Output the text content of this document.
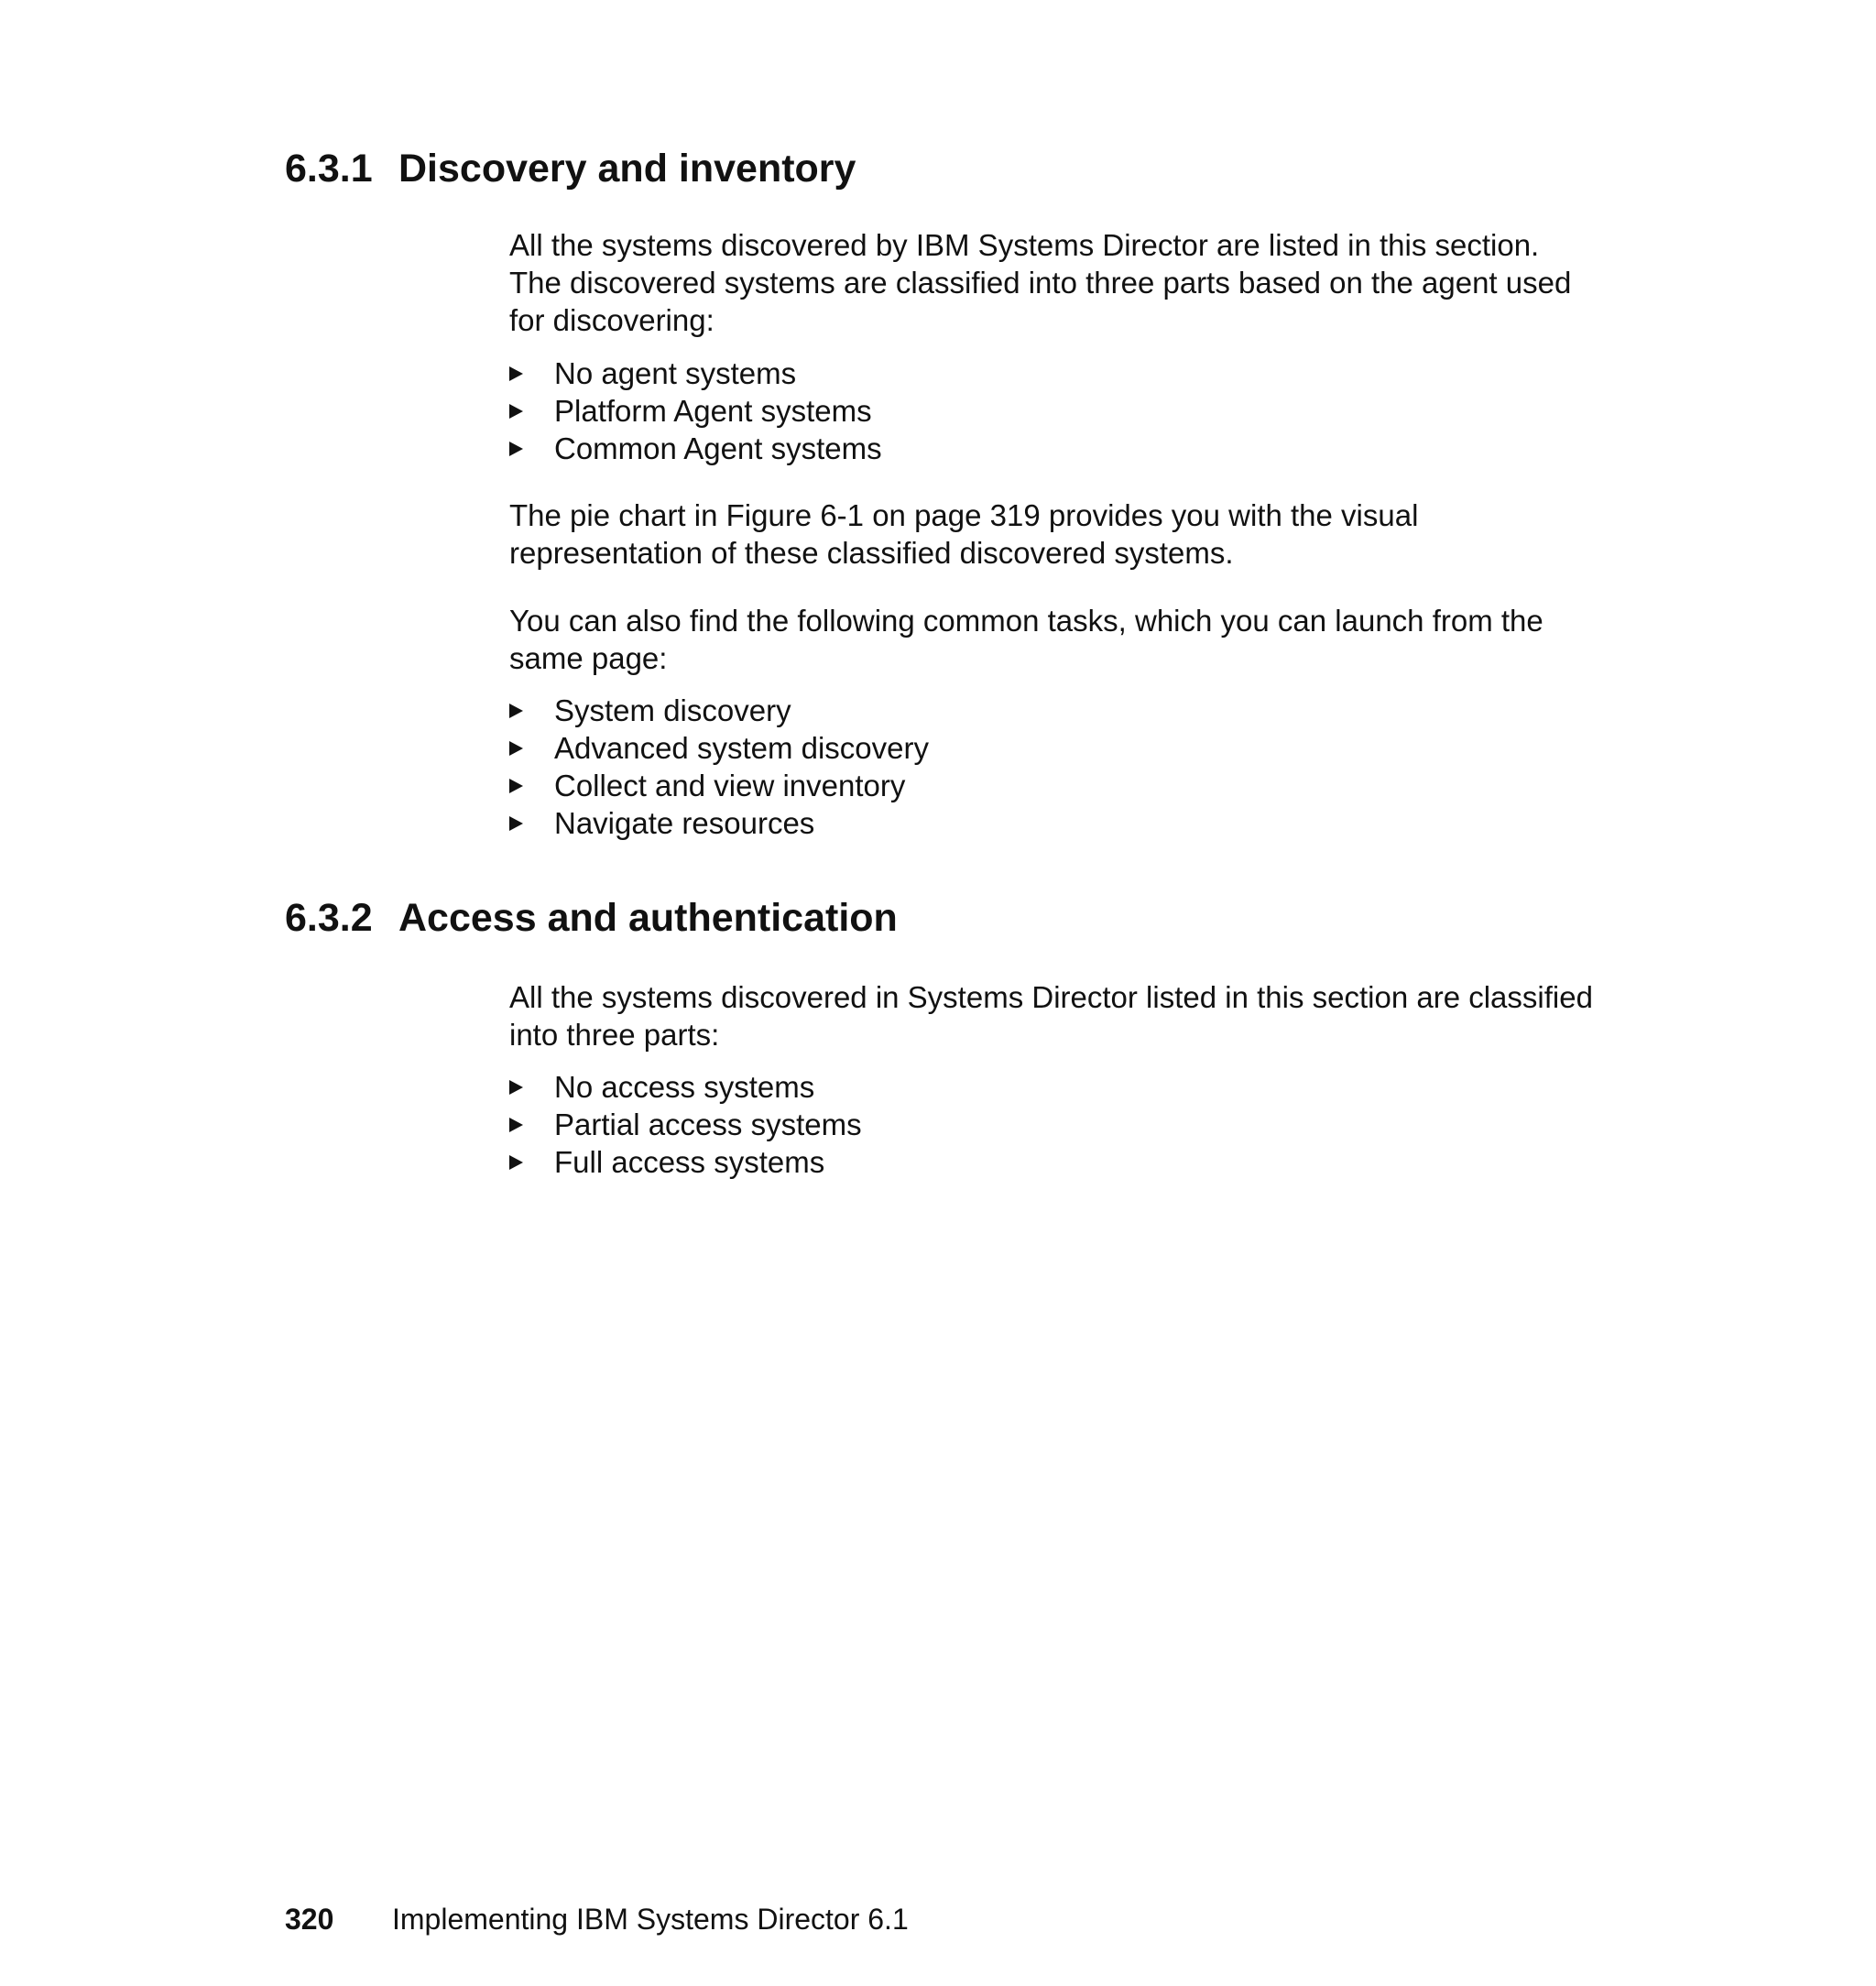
6.3.1 Discovery and inventory

All the systems discovered by IBM Systems Director are listed in this section.

The discovered systems are classified into three parts based on the agent used

for discovering:

No agent systems
Platform Agent systems
Common Agent systems

The pie chart in Figure 6-1 on page 319 provides you with the visual

representation of these classified discovered systems.

You can also find the following common tasks, which you can launch from the

same page:

System discovery
Advanced system discovery
Collect and view inventory
Navigate resources
6.3.2 Access and authentication

All the systems discovered in Systems Director listed in this section are classified

into three parts:

No access systems
Partial access systems
Full access systems
320 Implementing IBM Systems Director 6.1
